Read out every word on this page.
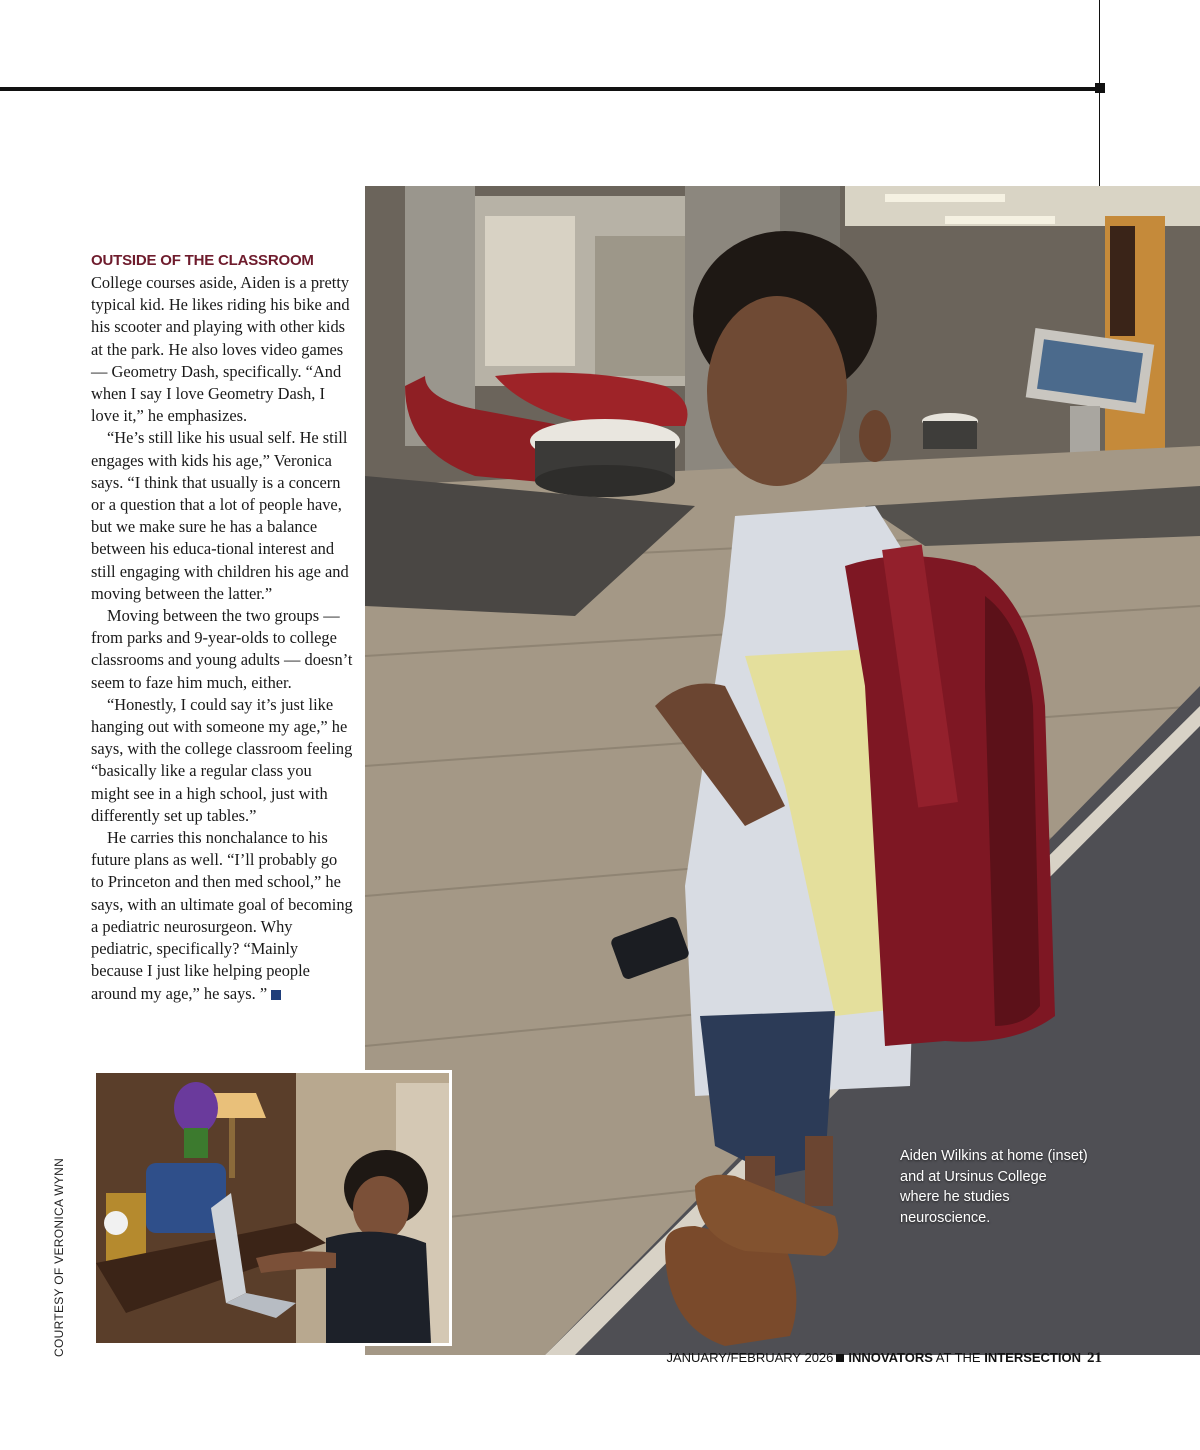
OUTSIDE OF THE CLASSROOM

College courses aside, Aiden is a pretty typical kid. He likes riding his bike and his scooter and playing with other kids at the park. He also loves video games — Geometry Dash, specifically. “And when I say I love Geometry Dash, I love it,” he emphasizes.

“He’s still like his usual self. He still engages with kids his age,” Veronica says. “I think that usually is a concern or a question that a lot of people have, but we make sure he has a balance between his educa-tional interest and still engaging with children his age and moving between the latter.”

Moving between the two groups — from parks and 9-year-olds to college classrooms and young adults — doesn’t seem to faze him much, either.

“Honestly, I could say it’s just like hanging out with someone my age,” he says, with the college classroom feeling “basically like a regular class you might see in a high school, just with differently set up tables.”

He carries this nonchalance to his future plans as well. “I’ll probably go to Princeton and then med school,” he says, with an ultimate goal of becoming a pediatric neurosurgeon. Why pediatric, specifically? “Mainly because I just like helping people around my age,” he says. ”

Aiden Wilkins at home (inset) and at Ursinus College where he studies neuroscience.
COURTESY OF VERONICA WYNN
JANUARY/FEBRUARY 2026 INNOVATORS AT THE INTERSECTION 21
